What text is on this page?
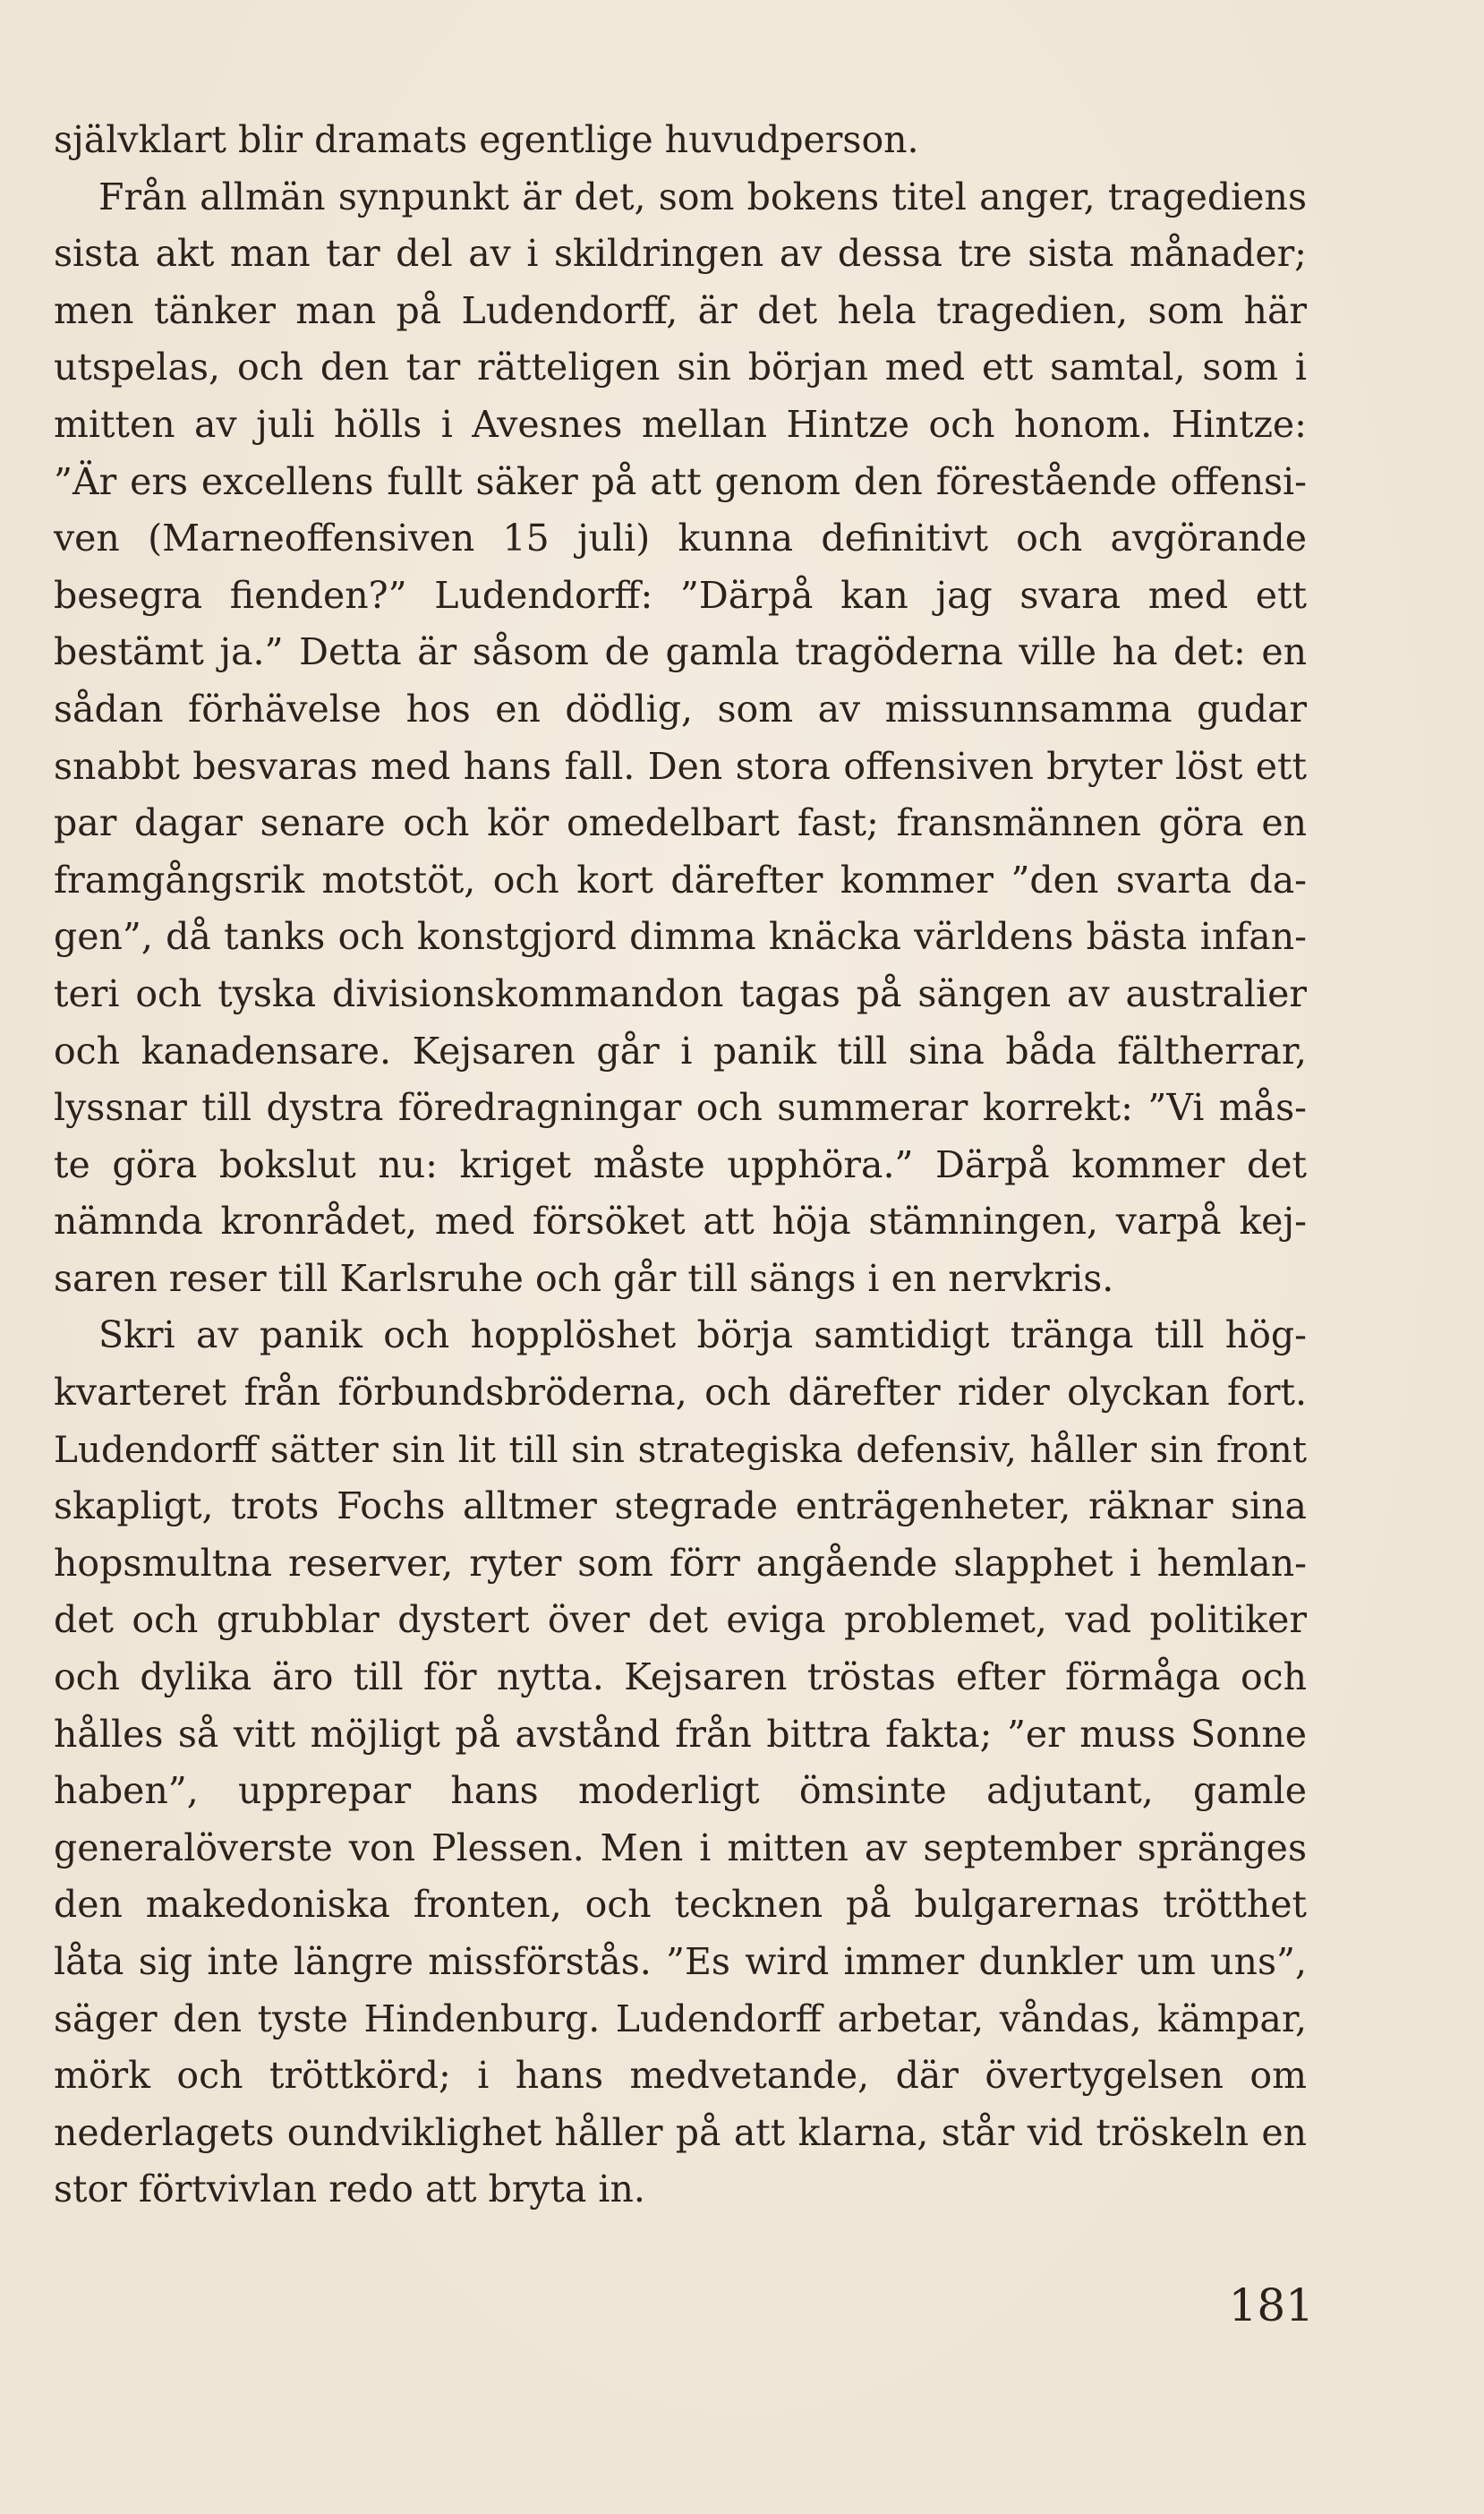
självklart blir dramats egentlige huvudperson.
Från allmän synpunkt är det, som bokens titel anger, tragediens
sista akt man tar del av i skildringen av dessa tre sista månader;
men tänker man på Ludendorff, är det hela tragedien, som här
utspelas, och den tar rätteligen sin början med ett samtal, som i
mitten av juli hölls i Avesnes mellan Hintze och honom. Hintze:
”Är ers excellens fullt säker på att genom den förestående offensi-
ven (Marneoffensiven 15 juli) kunna definitivt och avgörande
besegra fienden?” Ludendorff: ”Därpå kan jag svara med ett
bestämt ja.” Detta är såsom de gamla tragöderna ville ha det: en
sådan förhävelse hos en dödlig, som av missunnsamma gudar
snabbt besvaras med hans fall. Den stora offensiven bryter löst ett
par dagar senare och kör omedelbart fast; fransmännen göra en
framgångsrik motstöt, och kort därefter kommer ”den svarta da-
gen”, då tanks och konstgjord dimma knäcka världens bästa infan-
teri och tyska divisionskommandon tagas på sängen av australier
och kanadensare. Kejsaren går i panik till sina båda fältherrar,
lyssnar till dystra föredragningar och summerar korrekt: ”Vi mås-
te göra bokslut nu: kriget måste upphöra.” Därpå kommer det
nämnda kronrådet, med försöket att höja stämningen, varpå kej-
saren reser till Karlsruhe och går till sängs i en nervkris.
Skri av panik och hopplöshet börja samtidigt tränga till hög-
kvarteret från förbundsbröderna, och därefter rider olyckan fort.
Ludendorff sätter sin lit till sin strategiska defensiv, håller sin front
skapligt, trots Fochs alltmer stegrade enträgenheter, räknar sina
hopsmultna reserver, ryter som förr angående slapphet i hemlan-
det och grubblar dystert över det eviga problemet, vad politiker
och dylika äro till för nytta. Kejsaren tröstas efter förmåga och
hålles så vitt möjligt på avstånd från bittra fakta; ”er muss Sonne
haben”, upprepar hans moderligt ömsinte adjutant, gamle
generalöverste von Plessen. Men i mitten av september spränges
den makedoniska fronten, och tecknen på bulgarernas trötthet
låta sig inte längre missförstås. ”Es wird immer dunkler um uns”,
säger den tyste Hindenburg. Ludendorff arbetar, våndas, kämpar,
mörk och tröttkörd; i hans medvetande, där övertygelsen om
nederlagets oundviklighet håller på att klarna, står vid tröskeln en
stor förtvivlan redo att bryta in.
181
